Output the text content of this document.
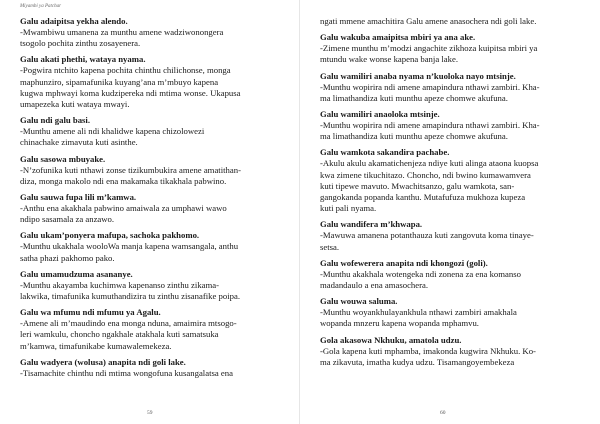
Miyambi ya Patchar
Galu adaipitsa yekha alendo.
-Mwambiwu umanena za munthu amene wadziwonongera
tsogolo pochita zinthu zosayenera.
Galu akati phethi, wataya nyama.
-Pogwira ntchito kapena pochita chinthu chilichonse, monga
maphunziro, sipamafunika kuyang’ana m’mbuyo kapena
kugwa mphwayi koma kudzipereka ndi mtima wonse. Ukapusa
umapezeka kuti wataya mwayi.
Galu ndi galu basi.
-Munthu amene ali ndi khalidwe kapena chizolowezi
chinachake zimavuta kuti asinthe.
Galu sasowa mbuyake.
-N’zofunika kuti nthawi zonse tizikumbukira amene amatithan-
diza, monga makolo ndi ena makamaka tikakhala pabwino.
Galu sauwa fupa lili m’kamwa.
-Anthu ena akakhala pabwino amaiwala za umphawi wawo
ndipo sasamala za anzawo.
Galu ukam’ponyera mafupa, sachoka pakhomo.
-Munthu ukakhala wooloWa manja kapena wamsangala, anthu
satha phazi pakhomo pako.
Galu umamudzuma asananye.
-Munthu akayamba kuchimwa kapenanso zinthu zikama-
lakwika, timafunika kumuthandizira tu zinthu zisanafike poipa.
Galu wa mfumu ndi mfumu ya Agalu.
-Amene ali m’maudindo ena monga nduna, amaimira mtsogo-
leri wamkulu, choncho ngakhale atakhala kuti samatsuka
m’kamwa, timafunikabe kumawalemekeza.
Galu wadyera (wolusa) anapita ndi goli lake.
-Tisamachite chinthu ndi mtima wongofuna kusangalatsa ena
59
ngati mmene amachitira Galu amene anasochera ndi goli lake.
Galu wakuba amaipitsa mbiri ya ana ake.
-Zimene munthu m’modzi angachite zikhoza kuipitsa mbiri ya
mtundu wake wonse kapena banja lake.
Galu wamiliri anaba nyama n’kuoloka nayo mtsinje.
-Munthu wopirira ndi amene amapindura nthawi zambiri. Kha-
ma limathandiza kuti munthu apeze chomwe akufuna.
Galu wamiliri anaoloka mtsinje.
-Munthu wopirira ndi amene amapindura nthawi zambiri. Kha-
ma limathandiza kuti munthu apeze chomwe akufuna.
Galu wamkota sakandira pachabe.
-Akulu akulu akamatichenjeza ndiye kuti alinga ataona kuopsa
kwa zimene tikuchitazo. Choncho, ndi bwino kumawamvera
kuti tipewe mavuto. Mwachitsanzo, galu wamkota, san-
gangokanda popanda kanthu. Mutafufuza mukhoza kupeza
kuti pali nyama.
Galu wandifera m’khwapa.
-Mawuwa amanena potanthauza kuti zangovuta koma tinaye-
setsa.
Galu wofewerera anapita ndi khongozi (goli).
-Munthu akakhala wotengeka ndi zonena za ena komanso
madandaulo a ena amasochera.
Galu wouwa saluma.
-Munthu woyankhulayankhula nthawi zambiri amakhala
wopanda mnzeru kapena wopanda mphamvu.
Gola akasowa Nkhuku, amatola udzu.
-Gola kapena kuti mphamba, imakonda kugwira Nkhuku. Ko-
ma zikavuta, imatha kudya udzu. Tisamangoyembekeza
60
